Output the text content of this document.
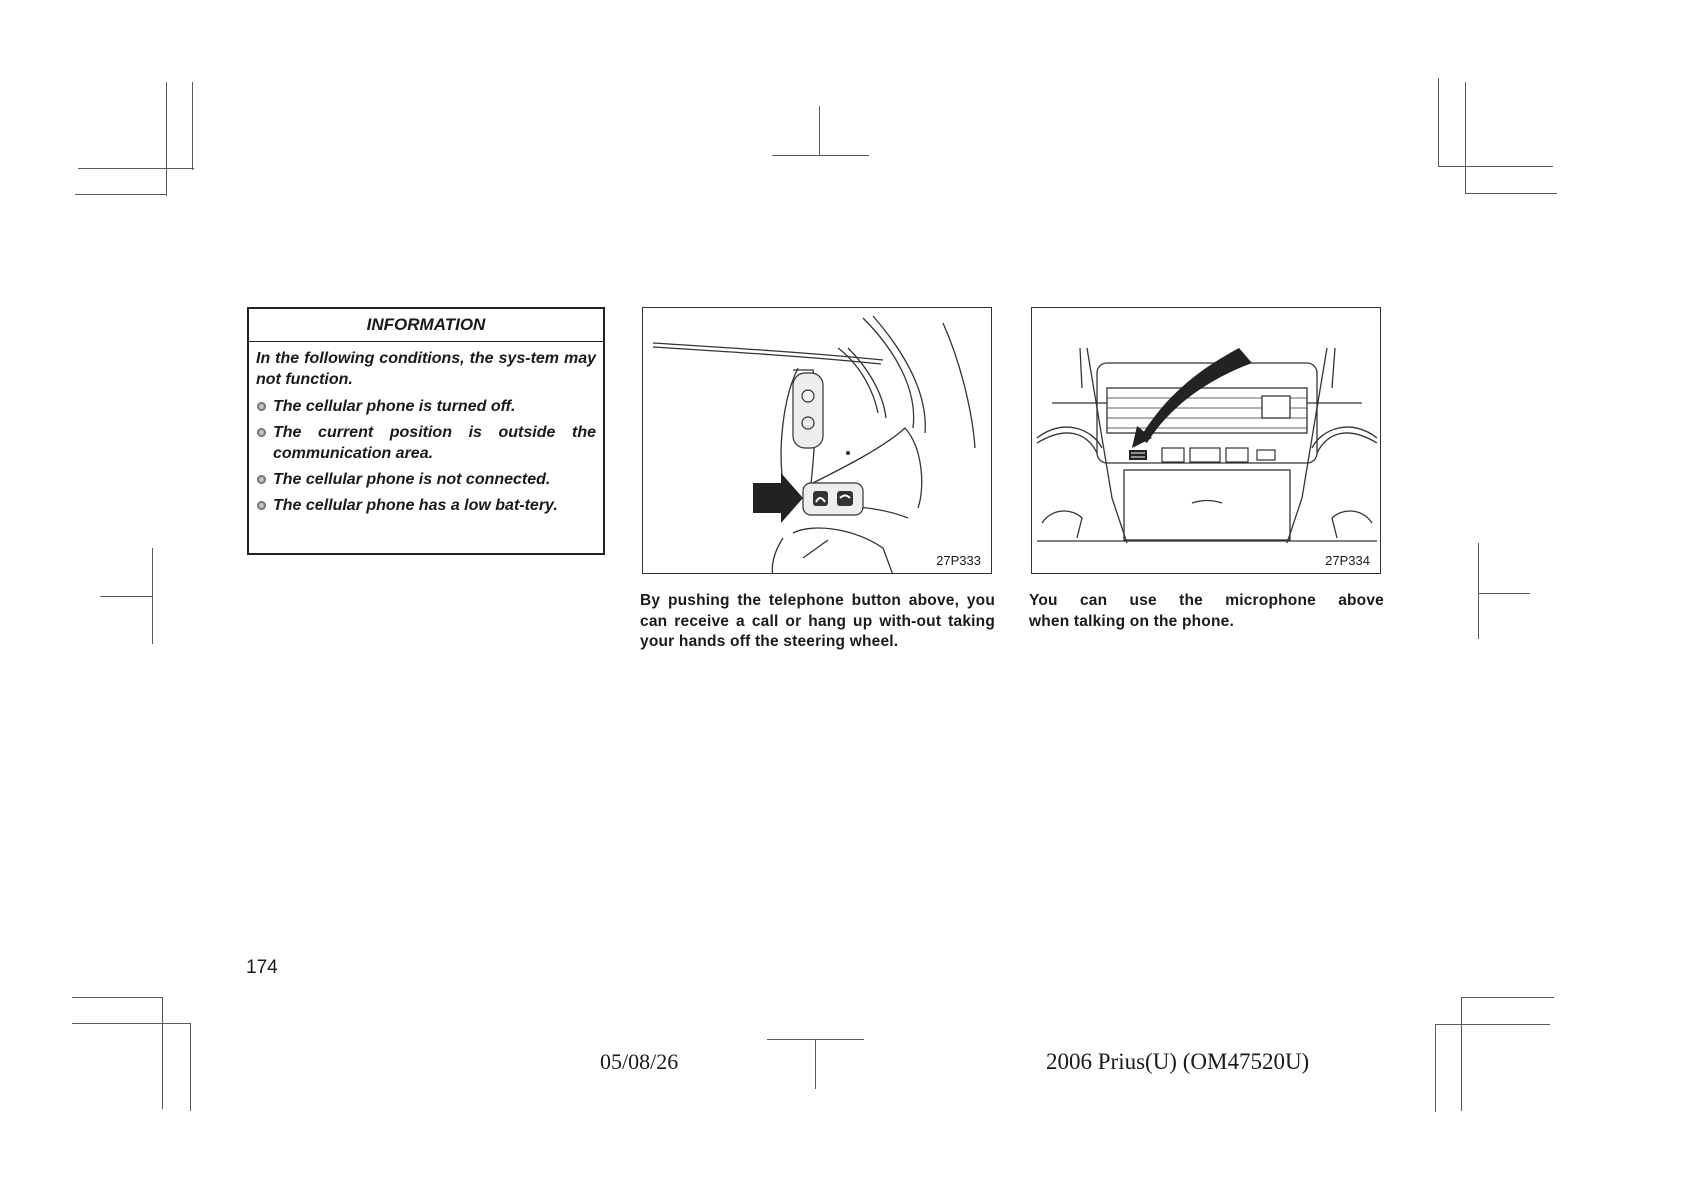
INFORMATION
In the following conditions, the sys-tem may not function.
The cellular phone is turned off.
The current position is outside the communication area.
The cellular phone is not connected.
The cellular phone has a low bat-tery.
27P333	27P334
By pushing the telephone button above, you can receive a call or hang up with-out taking your hands off the steering wheel.
You can use the microphone above
when talking on the phone.
174
05/08/26	2006 Prius(U) (OM47520U)
